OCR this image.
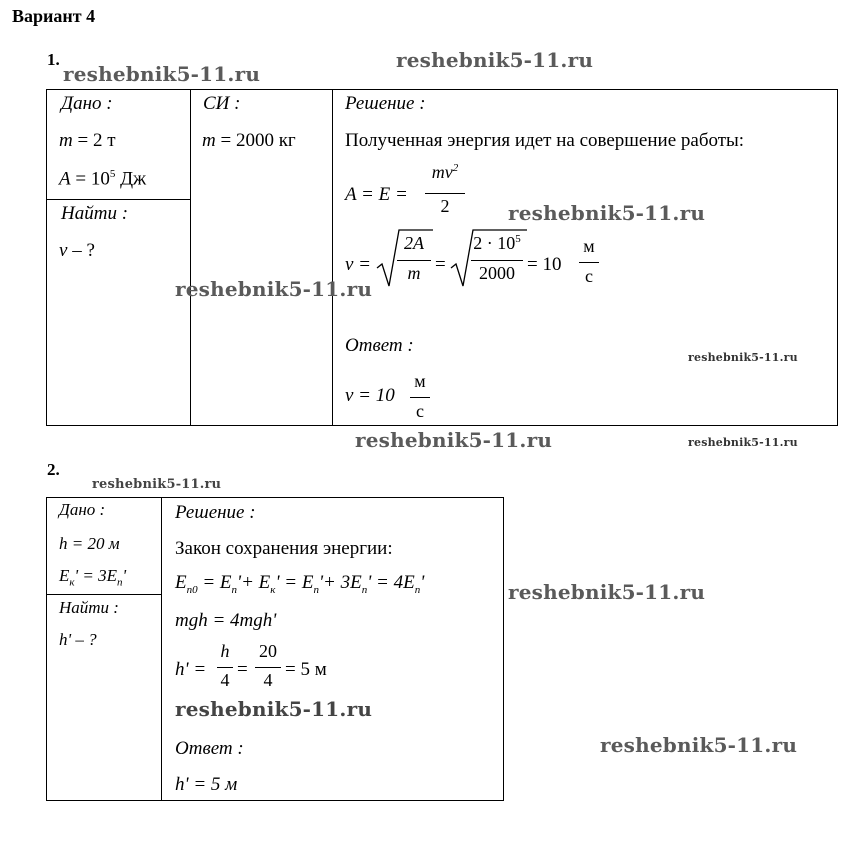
Вариант 4
1.
Дано :
m = 2 т
$A = 10^5$ Дж
Найти :
v – ?
СИ :
m = 2000 кг
Решение :
Полученная энергия идет на совершение работы:
A = E =
$mv^2$
2
v =
2A
m =
$2 \cdot 10^5$
2000 = 10
м
с
Ответ :
v = 10
м
с
2.
Дано :
h = 20 м
$E_к' = 3E_п'$
Найти :
h' – ?
Решение :
Закон сохранения энергии:
$E_{п0} = E_п'+ E_к' = E_п'+ 3E_п' = 4E_п'$
mgh = 4mgh'
h' =
h
4 =
20
4 = 5 м
Ответ :
h' = 5 м
reshebnik5-11.ru
reshebnik5-11.ru
reshebnik5-11.ru
reshebnik5-11.ru
reshebnik5-11.ru
reshebnik5-11.ru	reshebnik5-11.ru
reshebnik5-11.ru
reshebnik5-11.ru
reshebnik5-11.ru
reshebnik5-11.ru
